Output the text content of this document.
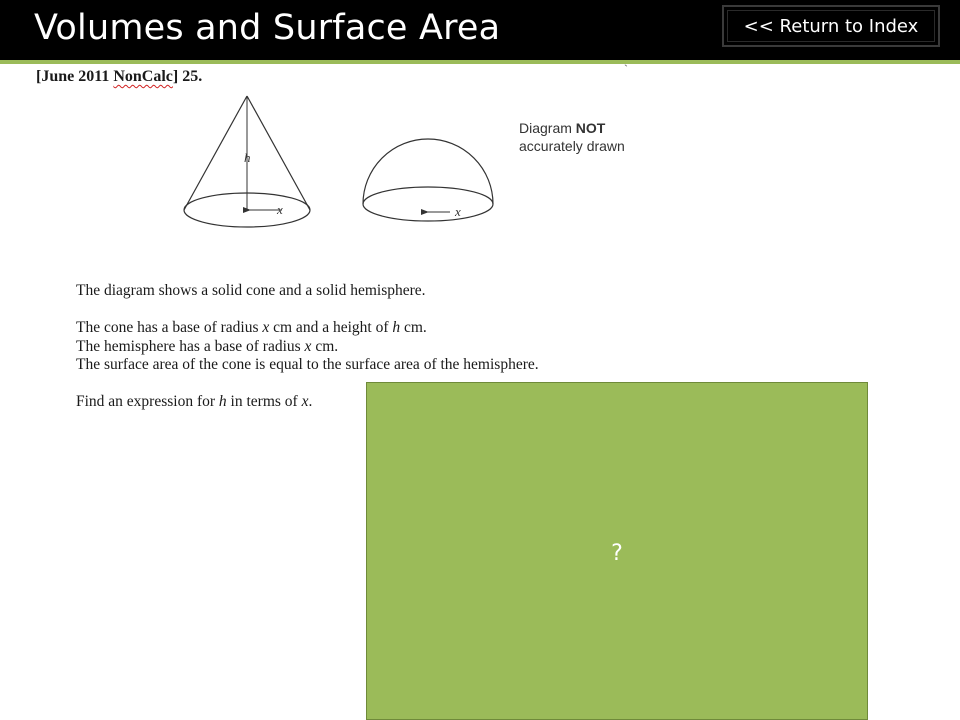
Volumes and Surface Area	<< Return to Index
`
[June 2011 NonCalc] 25.
h
x	x
Diagram NOT
accurately drawn

The diagram shows a solid cone and a solid hemisphere.

The cone has a base of radius x cm and a height of h cm.

The hemisphere has a base of radius x cm.

The surface area of the cone is equal to the surface area of the hemisphere.

Find an expression for h in terms of x.

?
